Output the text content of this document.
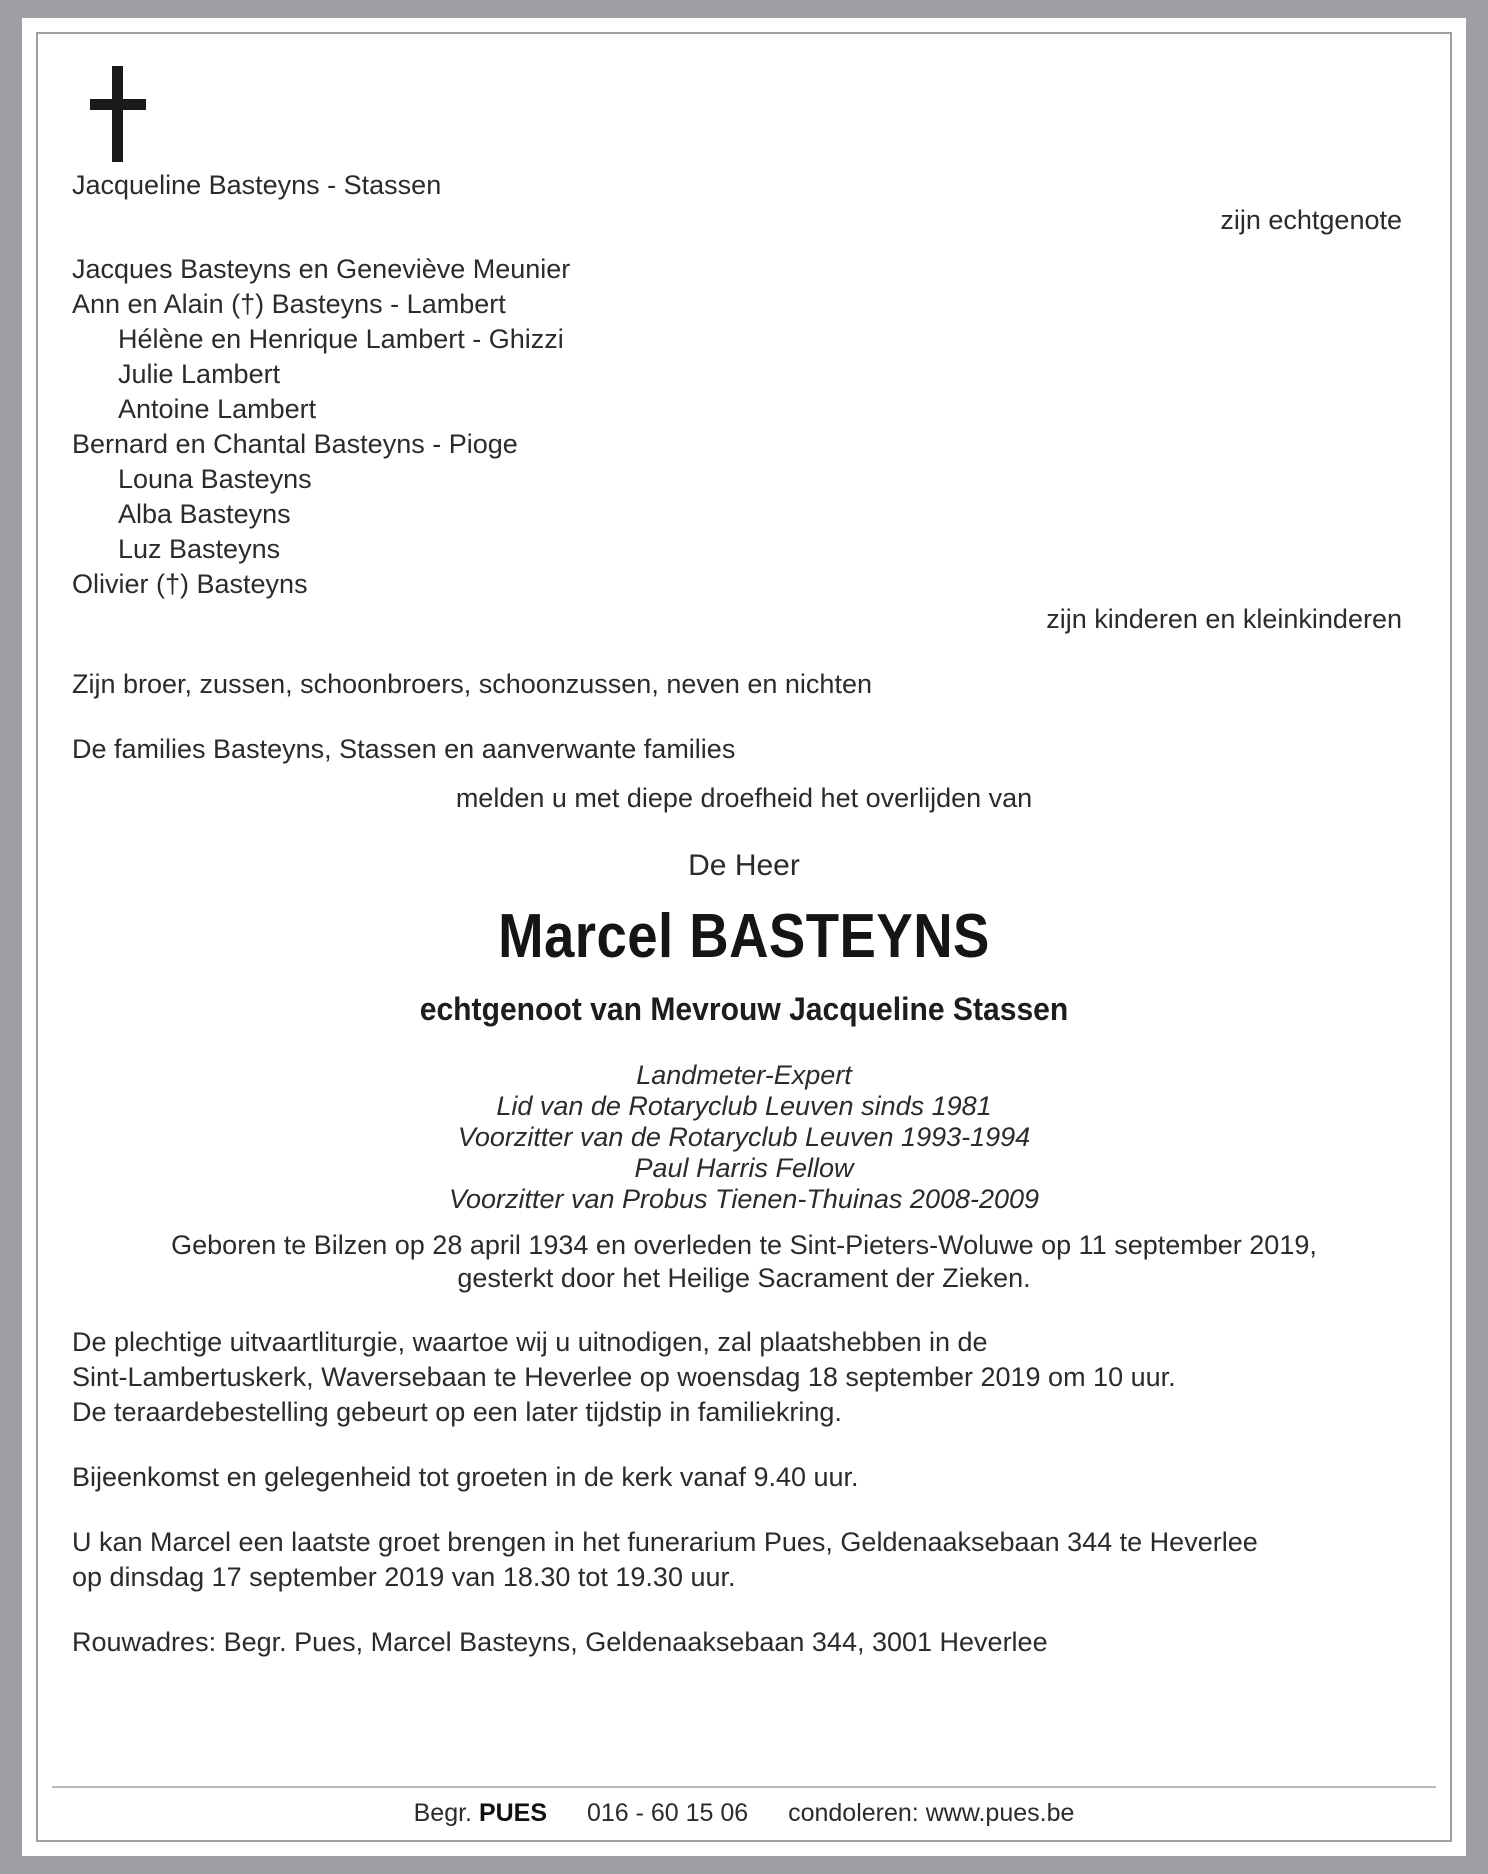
Jacqueline Basteyns - Stassen
zijn echtgenote
Jacques Basteyns en Geneviève Meunier
Ann en Alain (†) Basteyns - Lambert
Hélène en Henrique Lambert - Ghizzi
Julie Lambert
Antoine Lambert
Bernard en Chantal Basteyns - Pioge
Louna Basteyns
Alba Basteyns
Luz Basteyns
Olivier (†) Basteyns
zijn kinderen en kleinkinderen
Zijn broer, zussen, schoonbroers, schoonzussen, neven en nichten
De families Basteyns, Stassen en aanverwante families
melden u met diepe droefheid het overlijden van
De Heer
Marcel BASTEYNS
echtgenoot van Mevrouw Jacqueline Stassen
Landmeter-Expert
Lid van de Rotaryclub Leuven sinds 1981
Voorzitter van de Rotaryclub Leuven 1993-1994
Paul Harris Fellow
Voorzitter van Probus Tienen-Thuinas 2008-2009
Geboren te Bilzen op 28 april 1934 en overleden te Sint-Pieters-Woluwe op 11 september 2019,
gesterkt door het Heilige Sacrament der Zieken.
De plechtige uitvaartliturgie, waartoe wij u uitnodigen, zal plaatshebben in de
Sint-Lambertuskerk, Waversebaan te Heverlee op woensdag 18 september 2019 om 10 uur.
De teraardebestelling gebeurt op een later tijdstip in familiekring.
Bijeenkomst en gelegenheid tot groeten in de kerk vanaf 9.40 uur.
U kan Marcel een laatste groet brengen in het funerarium Pues, Geldenaaksebaan 344 te Heverlee
op dinsdag 17 september 2019 van 18.30 tot 19.30 uur.
Rouwadres: Begr. Pues, Marcel Basteyns, Geldenaaksebaan 344, 3001 Heverlee
Begr. PUES 016 - 60 15 06 condoleren: www.pues.be
